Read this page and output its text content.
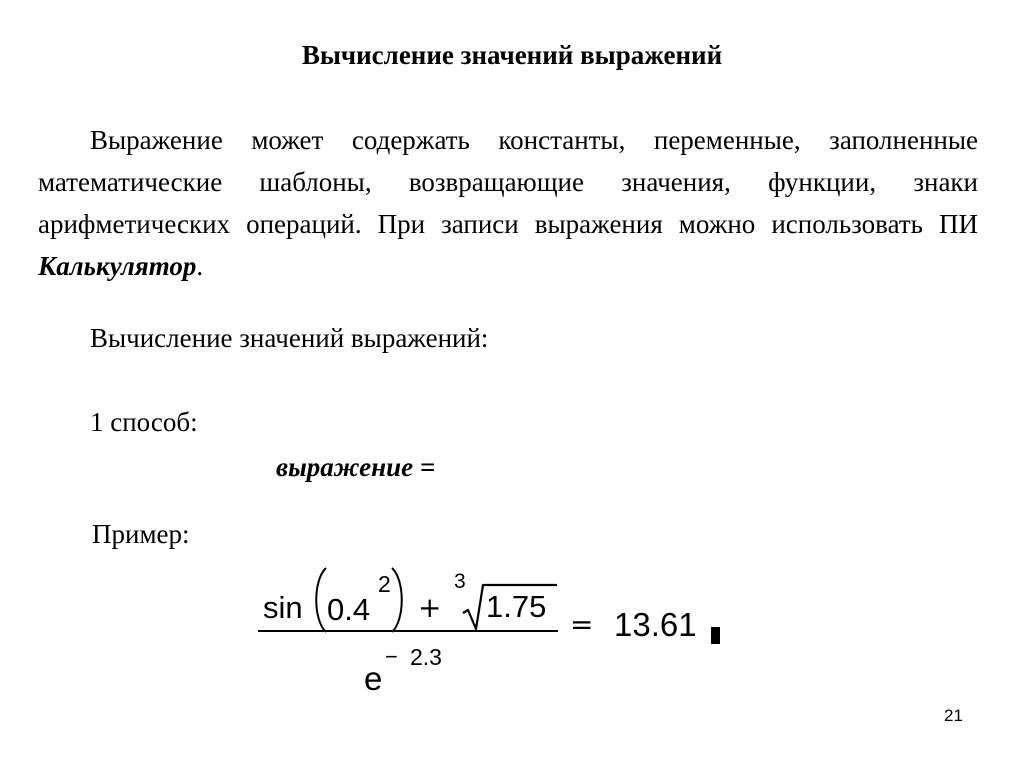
Вычисление значений выражений

Выражение может содержать константы, переменные, заполненные математические шаблоны, возвращающие значения, функции, знаки арифметических операций. При записи выражения можно использовать ПИ Калькулятор.

Вычисление значений выражений:
1 способ:
выражение =
Пример:
sin 0.4
2
+
3
1.75
e
− 2.3
= 13.61
21
